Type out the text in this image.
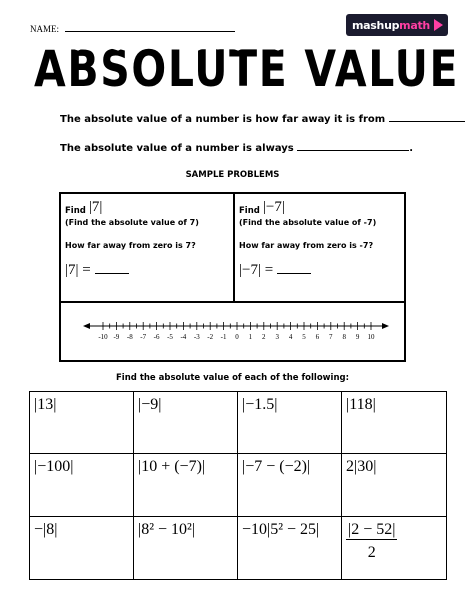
NAME:	mashupmath
ABSOLUTE VALUE
The absolute value of a number is how far away it is from
The absolute value of a number is always	.
SAMPLE PROBLEMS
Find |7|
(Find the absolute value of 7)
How far away from zero is 7?
|7| =
Find |−7|
(Find the absolute value of -7)
How far away from zero is -7?
|−7| =
-10 -9 -8 -7 -6 -5 -4 -3 -2 -1 0 1 2 3 4 5 6 7 8 9 10
Find the absolute value of each of the following:
|13|	|−9|	|−1.5|	|118|
|−100|	|10 + (−7)|	|−7 − (−2)|	2|30|
−|8|	|8² − 10²|	−10|5² − 25|	$\frac{|2 - 52|}{2}$
